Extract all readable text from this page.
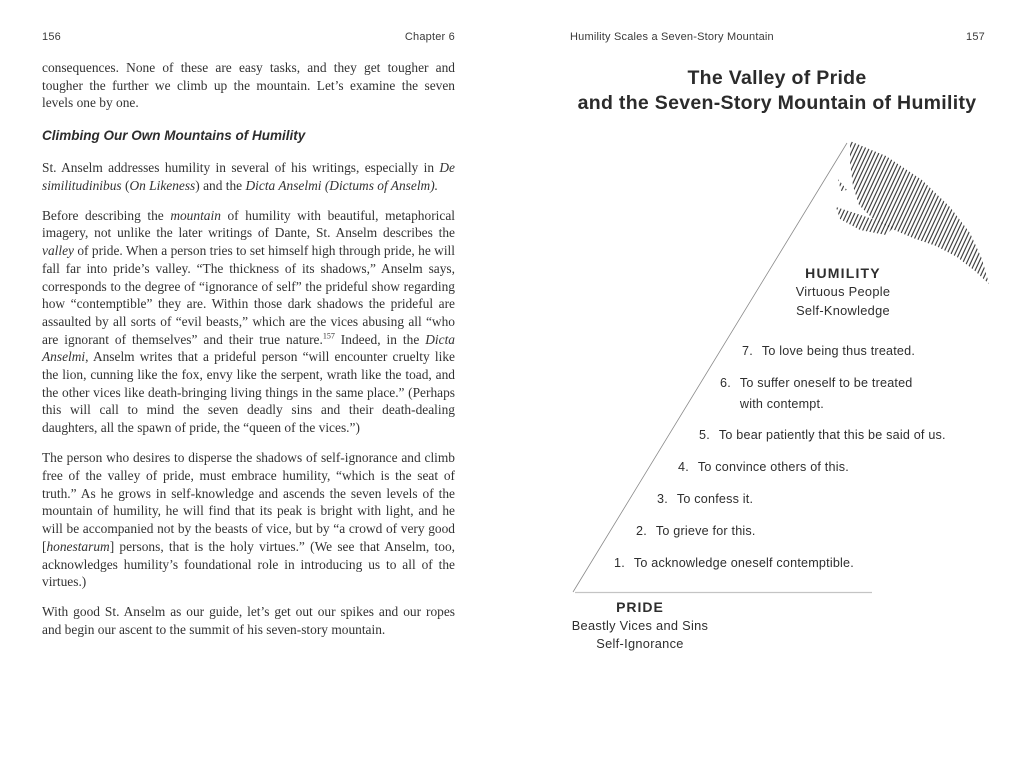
156	Chapter 6

consequences. None of these are easy tasks, and they get tougher and tougher the further we climb up the mountain. Let’s examine the seven levels one by one.

Climbing Our Own Mountains of Humility

St. Anselm addresses humility in several of his writings, especially in De similitudinibus (On Likeness) and the Dicta Anselmi (Dictums of Anselm).

Before describing the mountain of humility with beautiful, metaphorical imagery, not unlike the later writings of Dante, St. Anselm describes the valley of pride. When a person tries to set himself high through pride, he will fall far into pride’s valley. “The thickness of its shadows,” Anselm says, corresponds to the degree of “ignorance of self” the prideful show regarding how “contemptible” they are. Within those dark shadows the prideful are assaulted by all sorts of “evil beasts,” which are the vices abusing all “who are ignorant of themselves” and their true nature.$^{157}$ Indeed, in the Dicta Anselmi, Anselm writes that a prideful person “will encounter cruelty like the lion, cunning like the fox, envy like the serpent, wrath like the toad, and the other vices like death-bringing living things in the same place.” (Perhaps this will call to mind the seven deadly sins and their death-dealing daughters, all the spawn of pride, the “queen of the vices.”)

The person who desires to disperse the shadows of self-ignorance and climb free of the valley of pride, must embrace humility, “which is the seat of truth.” As he grows in self-knowledge and ascends the seven levels of the mountain of humility, he will find that its peak is bright with light, and he will be accompanied not by the beasts of vice, but by “a crowd of very good [honestarum] persons, that is the holy virtues.” (We see that Anselm, too, acknowledges humility’s foundational role in introducing us to all of the virtues.)

With good St. Anselm as our guide, let’s get out our spikes and our ropes and begin our ascent to the summit of his seven-story mountain.

Humility Scales a Seven-Story Mountain	157
The Valley of Pride
and the Seven-Story Mountain of Humility
HUMILITY
Virtuous People
Self-Knowledge
7. To love being thus treated.
6. To suffer oneself to be treated with contempt.
5. To bear patiently that this be said of us.
4. To convince others of this.
3. To confess it.
2. To grieve for this.
1. To acknowledge oneself contemptible.
PRIDE
Beastly Vices and Sins
Self-Ignorance
